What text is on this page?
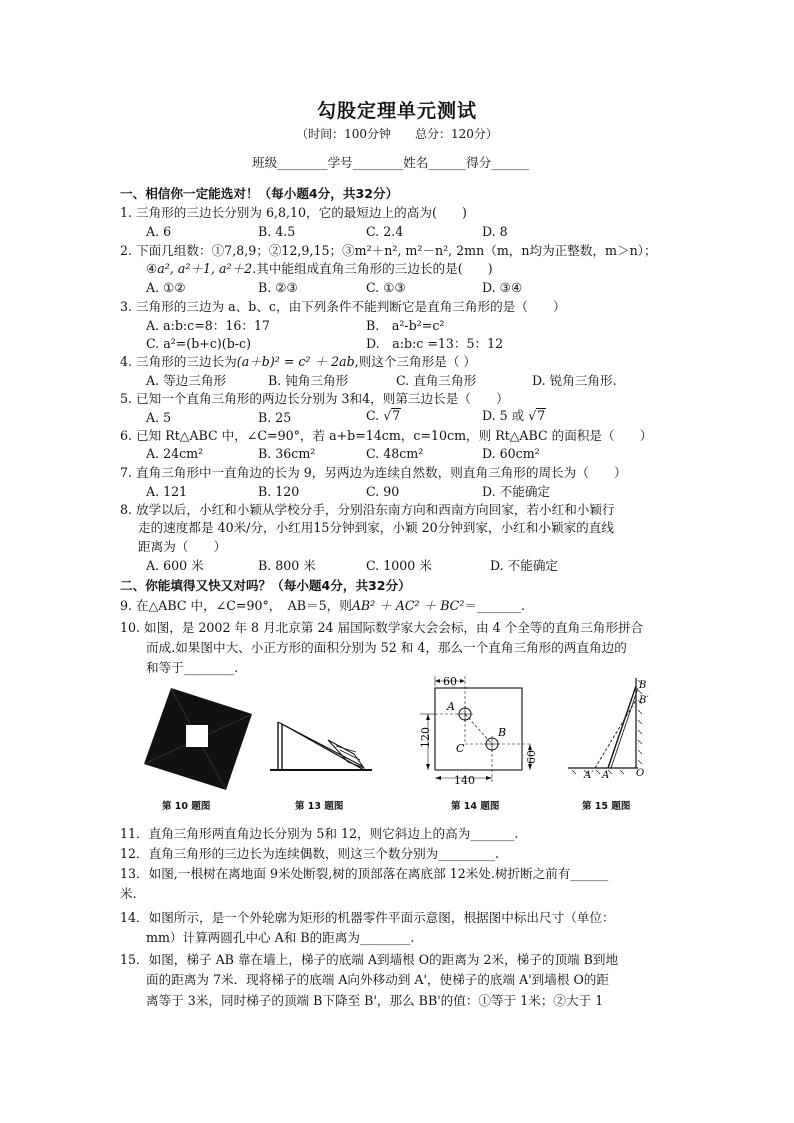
勾股定理单元测试
（时间：100分钟　　总分：120分）
班级________学号________姓名______得分______
一、相信你一定能选对！（每小题4分，共32分）
1. 三角形的三边长分别为 6,8,10，它的最短边上的高为(　　)
A. 6	B. 4.5	C. 2.4	D. 8
2. 下面几组数：①7,8,9；②12,9,15；③m²＋n², m²－n², 2mn（m，n均为正整数，m＞n）；
④a², a²＋1, a²＋2.其中能组成直角三角形的三边长的是(　　)
A. ①②	B. ②③	C. ①③	D. ③④
3. 三角形的三边为 a、b、c，由下列条件不能判断它是直角三角形的是（　　）
A. a:b:c=8：16：17	B.　a²-b²=c²
C. a²=(b+c)(b-c)	D.　a:b:c =13：5：12
4. 三角形的三边长为(a＋b)² = c² ＋ 2ab,则这个三角形是（ ）
A. 等边三角形	B. 钝角三角形	C. 直角三角形	D. 锐角三角形.
5. 已知一个直角三角形的两边长分别为 3和4，则第三边长是（　　）
A. 5	B. 25	C. √7	D. 5 或 √7
6. 已知 Rt△ABC 中，∠C=90°，若 a+b=14cm，c=10cm，则 Rt△ABC 的面积是（　　）
A. 24cm²	B. 36cm²	C. 48cm²	D. 60cm²
7. 直角三角形中一直角边的长为 9，另两边为连续自然数，则直角三角形的周长为（　　）
A. 121	B. 120	C. 90	D. 不能确定
8. 放学以后，小红和小颖从学校分手，分别沿东南方向和西南方向回家，若小红和小颖行
走的速度都是 40米/分，小红用15分钟到家，小颖 20分钟到家，小红和小颖家的直线
距离为（　　）
A. 600 米	B. 800 米	C. 1000 米	D. 不能确定
二、你能填得又快又对吗？（每小题4分，共32分）
9. 在△ABC 中，∠C=90°，　AB＝5，则AB² ＋ AC² ＋ BC²＝_______.
10. 如图，是 2002 年 8 月北京第 24 届国际数学家大会会标，由 4 个全等的直角三角形拼合
而成.如果图中大、小正方形的面积分别为 52 和 4，那么一个直角三角形的两直角边的
和等于________.
第 10 题图	第 13 题图
60
120
60
140
A
B
C
第 14 题图
B
B′
A′ A	O
第 15 题图
11．直角三角形两直角边长分别为 5和 12，则它斜边上的高为_______.
12．直角三角形的三边长为连续偶数，则这三个数分别为_________.
13．如图,一根树在离地面 9米处断裂,树的顶部落在离底部 12米处.树折断之前有______
米.
14．如图所示，是一个外轮廓为矩形的机器零件平面示意图，根据图中标出尺寸（单位：
mm）计算两圆孔中心 A和 B的距离为________.
15．如图，梯子 AB 靠在墙上，梯子的底端 A到墙根 O的距离为 2米，梯子的顶端 B到地
面的距离为 7米．现将梯子的底端 A向外移动到 A'，使梯子的底端 A'到墙根 O的距
离等于 3米，同时梯子的顶端 B下降至 B'，那么 BB'的值：①等于 1米；②大于 1
